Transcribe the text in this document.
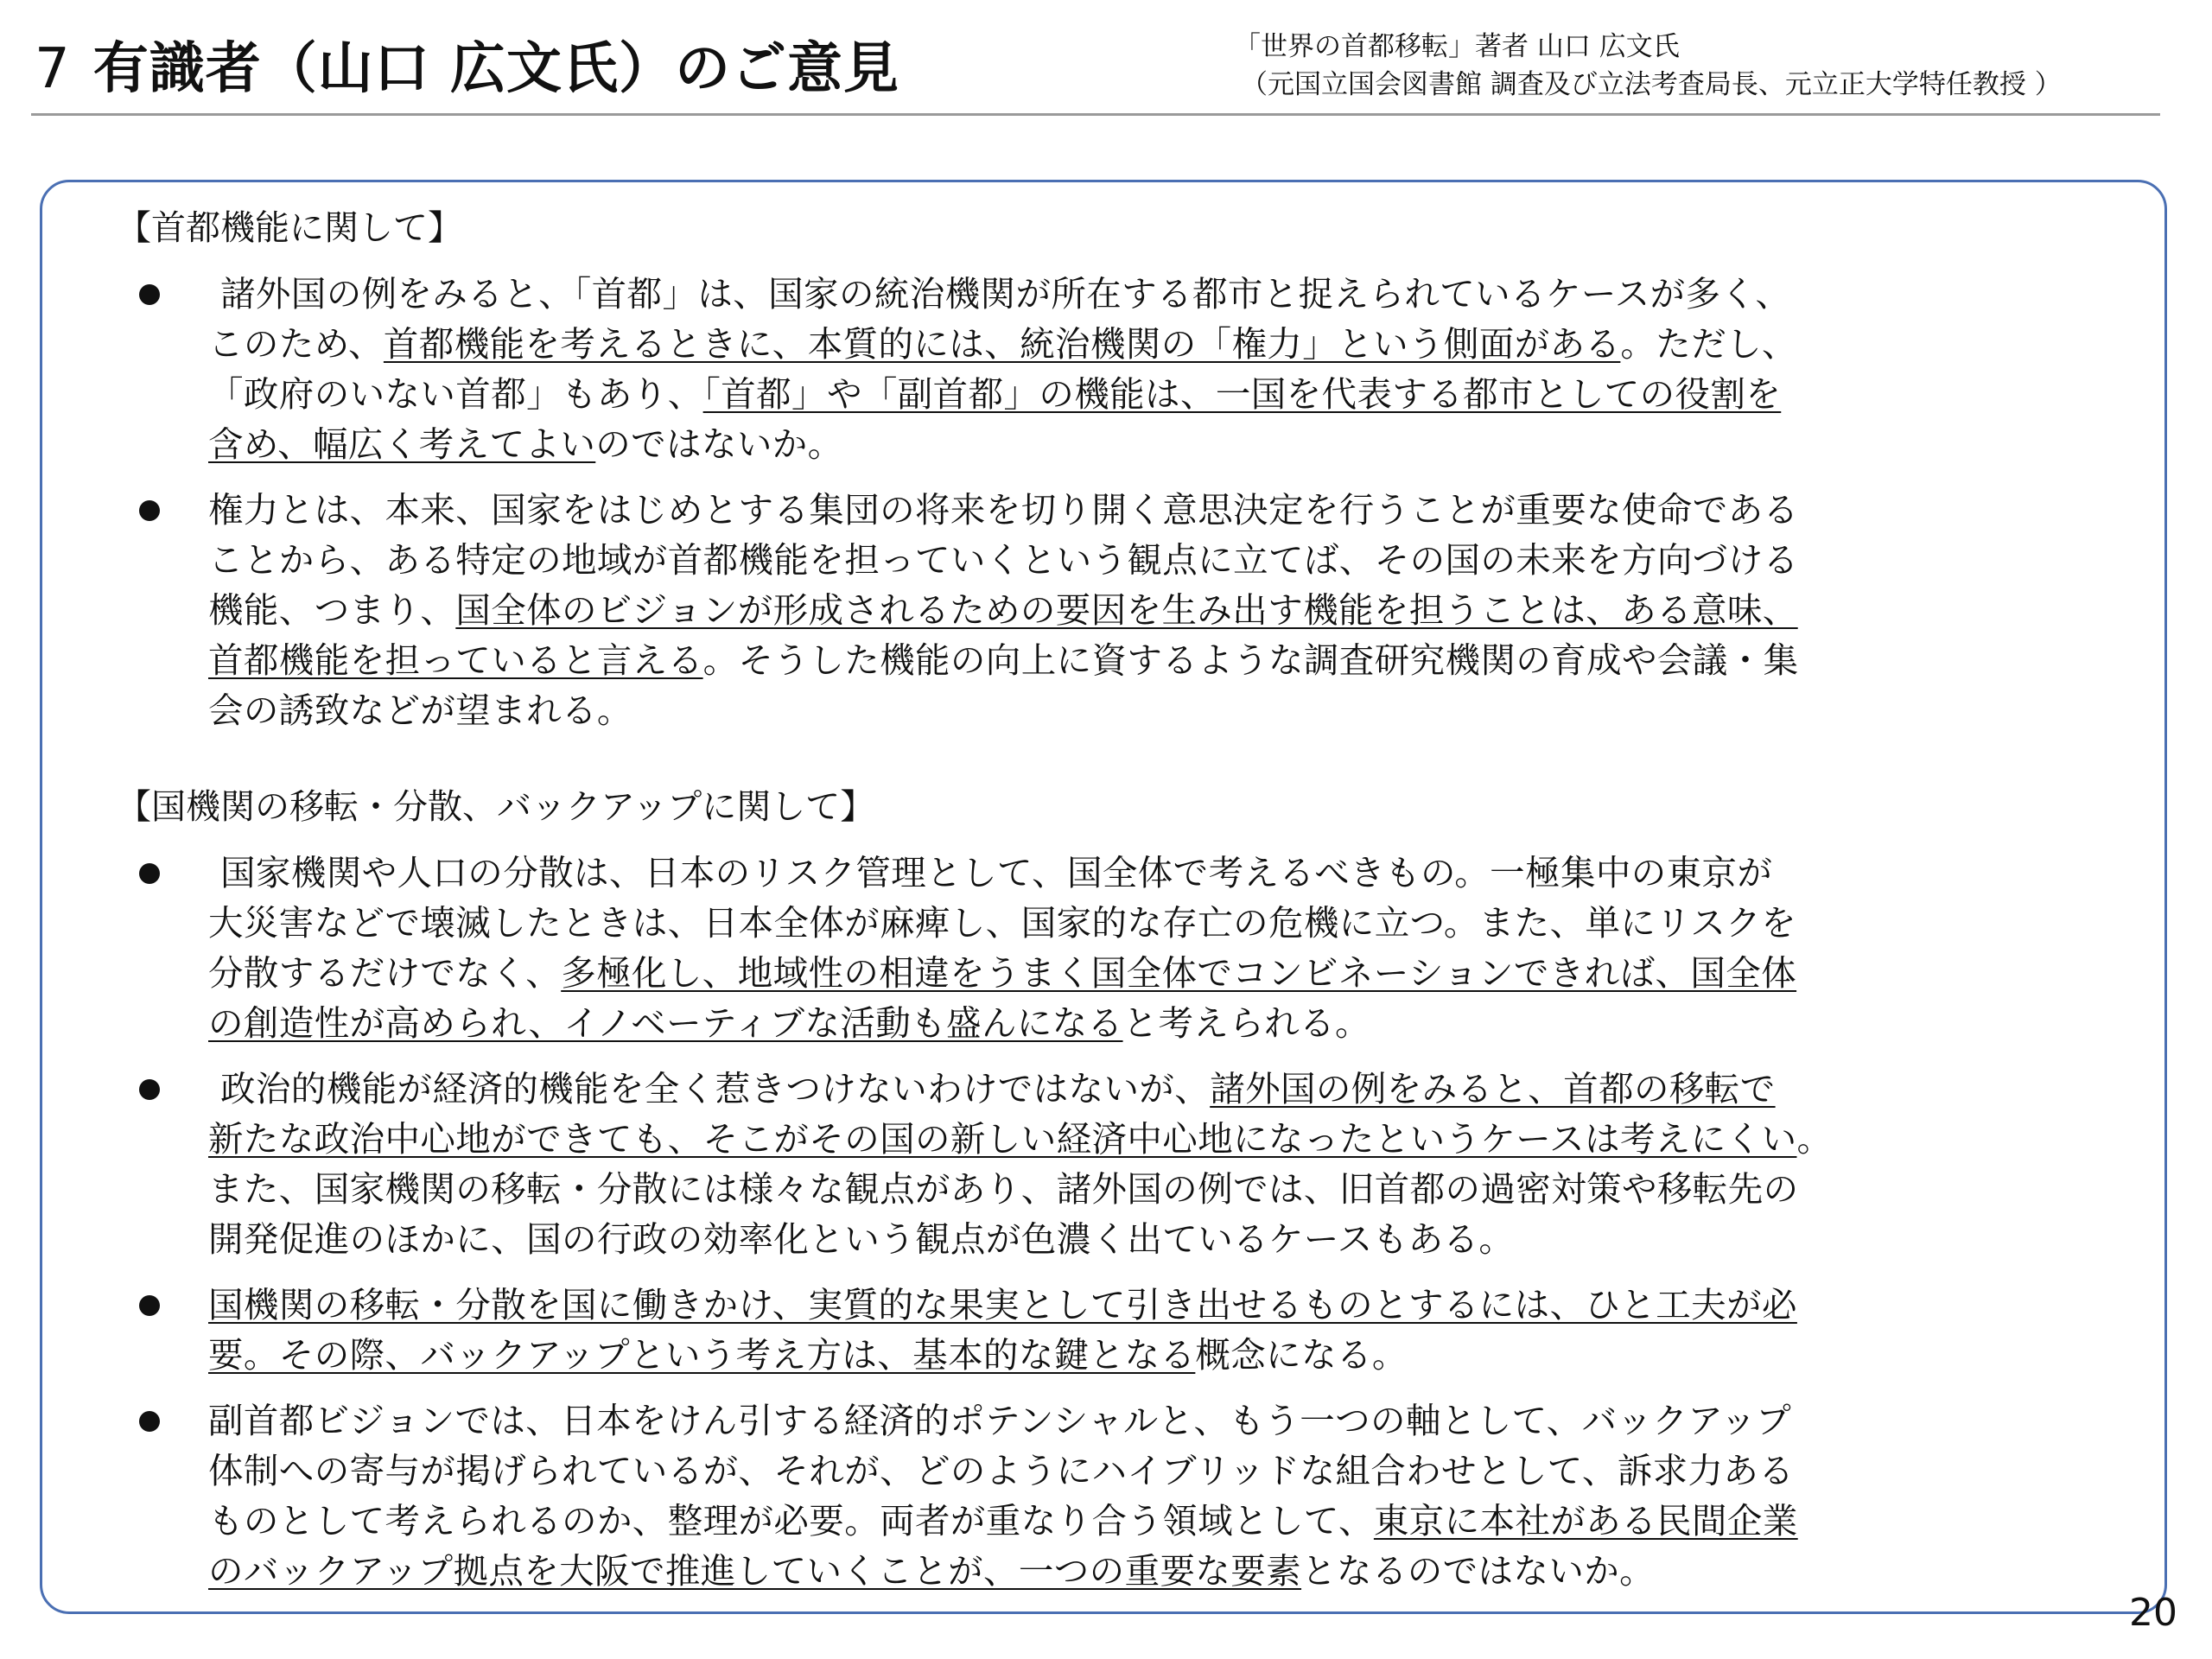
7 有識者（山口 広文氏）のご意見	「世界の首都移転」著者 山口 広文氏
（元国立国会図書館 調査及び立法考査局長、元立正大学特任教授 ）
【首都機能に関して】
諸外国の例をみると、「首都」は、国家の統治機関が所在する都市と捉えられているケースが多く、
このため、首都機能を考えるときに、本質的には、統治機関の「権力」という側面がある。ただし、
「政府のいない首都」もあり、「首都」や「副首都」の機能は、一国を代表する都市としての役割を
含め、幅広く考えてよいのではないか。
権力とは、本来、国家をはじめとする集団の将来を切り開く意思決定を行うことが重要な使命である
ことから、ある特定の地域が首都機能を担っていくという観点に立てば、その国の未来を方向づける
機能、つまり、国全体のビジョンが形成されるための要因を生み出す機能を担うことは、ある意味、
首都機能を担っていると言える。そうした機能の向上に資するような調査研究機関の育成や会議・集
会の誘致などが望まれる。
【国機関の移転・分散、バックアップに関して】
国家機関や人口の分散は、日本のリスク管理として、国全体で考えるべきもの。一極集中の東京が
大災害などで壊滅したときは、日本全体が麻痺し、国家的な存亡の危機に立つ。また、単にリスクを
分散するだけでなく、多極化し、地域性の相違をうまく国全体でコンビネーションできれば、国全体
の創造性が高められ、イノベーティブな活動も盛んになると考えられる。
政治的機能が経済的機能を全く惹きつけないわけではないが、諸外国の例をみると、首都の移転で
新たな政治中心地ができても、そこがその国の新しい経済中心地になったというケースは考えにくい。
また、国家機関の移転・分散には様々な観点があり、諸外国の例では、旧首都の過密対策や移転先の
開発促進のほかに、国の行政の効率化という観点が色濃く出ているケースもある。
国機関の移転・分散を国に働きかけ、実質的な果実として引き出せるものとするには、ひと工夫が必
要。その際、バックアップという考え方は、基本的な鍵となる概念になる。
副首都ビジョンでは、日本をけん引する経済的ポテンシャルと、もう一つの軸として、バックアップ
体制への寄与が掲げられているが、それが、どのようにハイブリッドな組合わせとして、訴求力ある
ものとして考えられるのか、整理が必要。両者が重なり合う領域として、東京に本社がある民間企業
のバックアップ拠点を大阪で推進していくことが、一つの重要な要素となるのではないか。
20
